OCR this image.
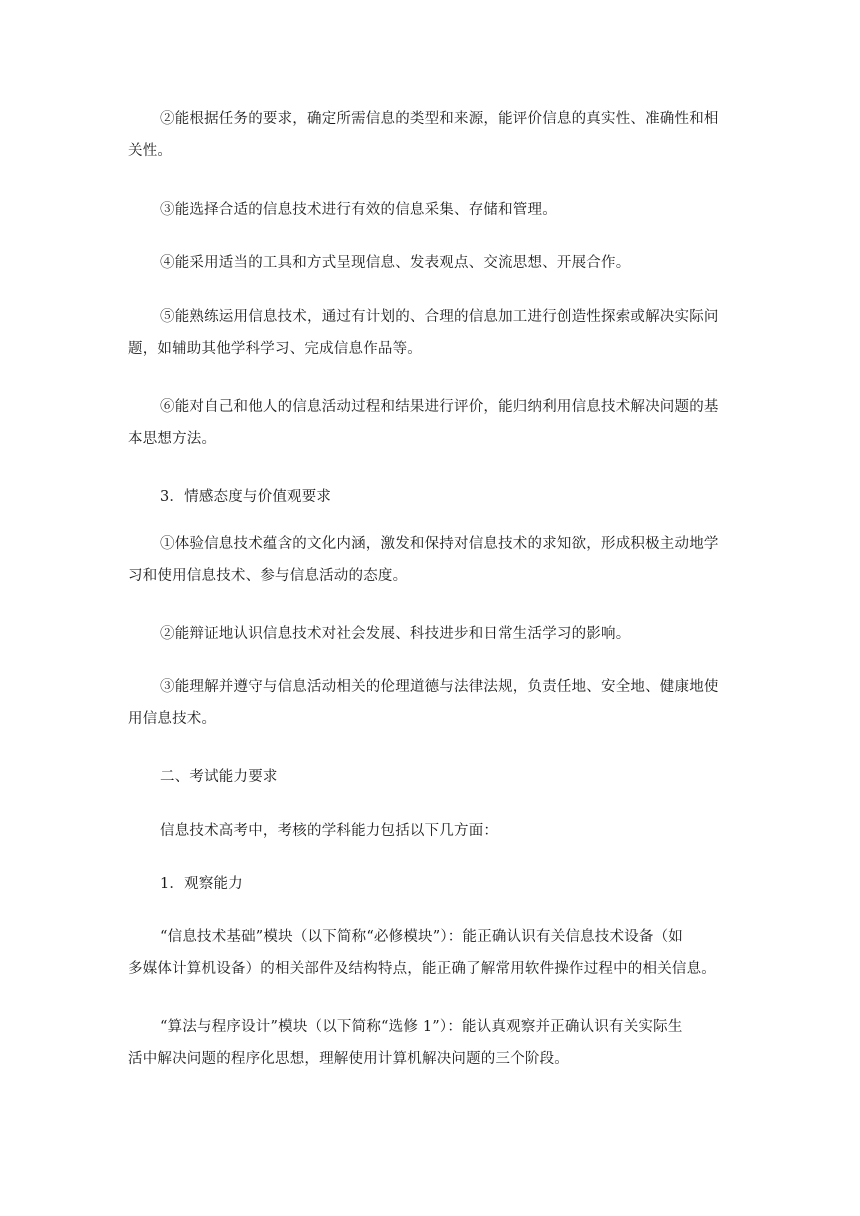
②能根据任务的要求，确定所需信息的类型和来源，能评价信息的真实性、准确性和相
关性。
③能选择合适的信息技术进行有效的信息采集、存储和管理。
④能采用适当的工具和方式呈现信息、发表观点、交流思想、开展合作。
⑤能熟练运用信息技术，通过有计划的、合理的信息加工进行创造性探索或解决实际问
题，如辅助其他学科学习、完成信息作品等。
⑥能对自己和他人的信息活动过程和结果进行评价，能归纳利用信息技术解决问题的基
本思想方法。
3．情感态度与价值观要求
①体验信息技术蕴含的文化内涵，激发和保持对信息技术的求知欲，形成积极主动地学
习和使用信息技术、参与信息活动的态度。
②能辩证地认识信息技术对社会发展、科技进步和日常生活学习的影响。
③能理解并遵守与信息活动相关的伦理道德与法律法规，负责任地、安全地、健康地使
用信息技术。
二、考试能力要求
信息技术高考中，考核的学科能力包括以下几方面：
1．观察能力
“信息技术基础”模块（以下简称“必修模块”）：能正确认识有关信息技术设备（如
多媒体计算机设备）的相关部件及结构特点，能正确了解常用软件操作过程中的相关信息。
“算法与程序设计”模块（以下简称“选修 1”）：能认真观察并正确认识有关实际生
活中解决问题的程序化思想，理解使用计算机解决问题的三个阶段。
